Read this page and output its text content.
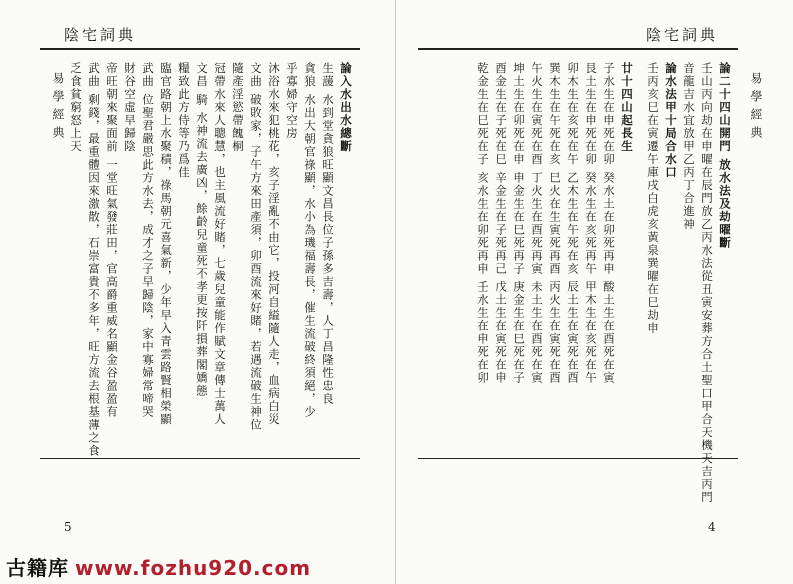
陰宅詞典
易學經典	論入水出水總斷
生蘐 水到堂貪狼旺顯文昌長位子孫多吉壽，人丁昌隆性忠良
貪狼 水出大朝官祿顯，水小為璣福壽長，催生流破終須絕，少
乎寡婦守空房
沐浴水來犯桃花，亥子淫亂不由它，投河自縊隨人走，血病白災
文曲 破敗家，子午方來田產須，卯酉流來好賭，若遇流破生神位
隨產淫慾帶餽桐
冠帶水來人聰慧，也主風流好賭，七歲兒童能作賦文章傳士萬人
文昌 騎 水神流去廣凶，餘齡兒童死不孝更按阡損葬閣嬌態
糧致此方侍等乃爲佳
臨官路朝上水聚積，祿馬朝元喜氣新，少年早入青雲路賢相榮顯
武曲 位聖君嚴思此方水去，成才之子早歸陰，家中寡婦常啼哭
財谷空虛早歸陰
帝旺朝來聚面前 一堂旺氣發莊田，官高爵重威名顯金谷盈盈有
武曲 剩錢，最重體因來激散，石崇富貴不多年，旺方流去根基薄之食
乏食貧窮怒上天
5
陰宅詞典
易學經典
論二十四山開門 放水法及劫曜斷
壬山丙向劫在申曜在辰門放乙丙水法從丑寅安葬方合土聖口甲合天機天吉丙門
音龍吉水宜放甲乙丙丁合進神
論水法甲十局合水口
壬丙亥巳在寅遷午庫戌白虎亥黃泉巽曜在巳劫申
廿十四山起長生
子水生在申死在卯 癸水土在卯死再申 酸土生在酉死在寅
艮土生在申死在卯 癸水生在亥死再午 甲木生在亥死在午
卯木生在亥死在午 乙木生在午死在亥 辰土生在寅死在酉
巽木生在午死在亥 巳火在生寅死再酉 丙火生在寅死在酉
午火生在寅死在酉 丁火生在酉死再寅 未土生在酉死在寅
坤土生在卯死在申 申金生在巳死再子 庚金生在巳死在子
酉金生在子死在巳 辛金生在子死再己 戊土生在寅死在申
乾金生在巳死在子 亥水生在卯死再申 壬水生在申死在卯
4
古籍库 www.fozhu920.com
